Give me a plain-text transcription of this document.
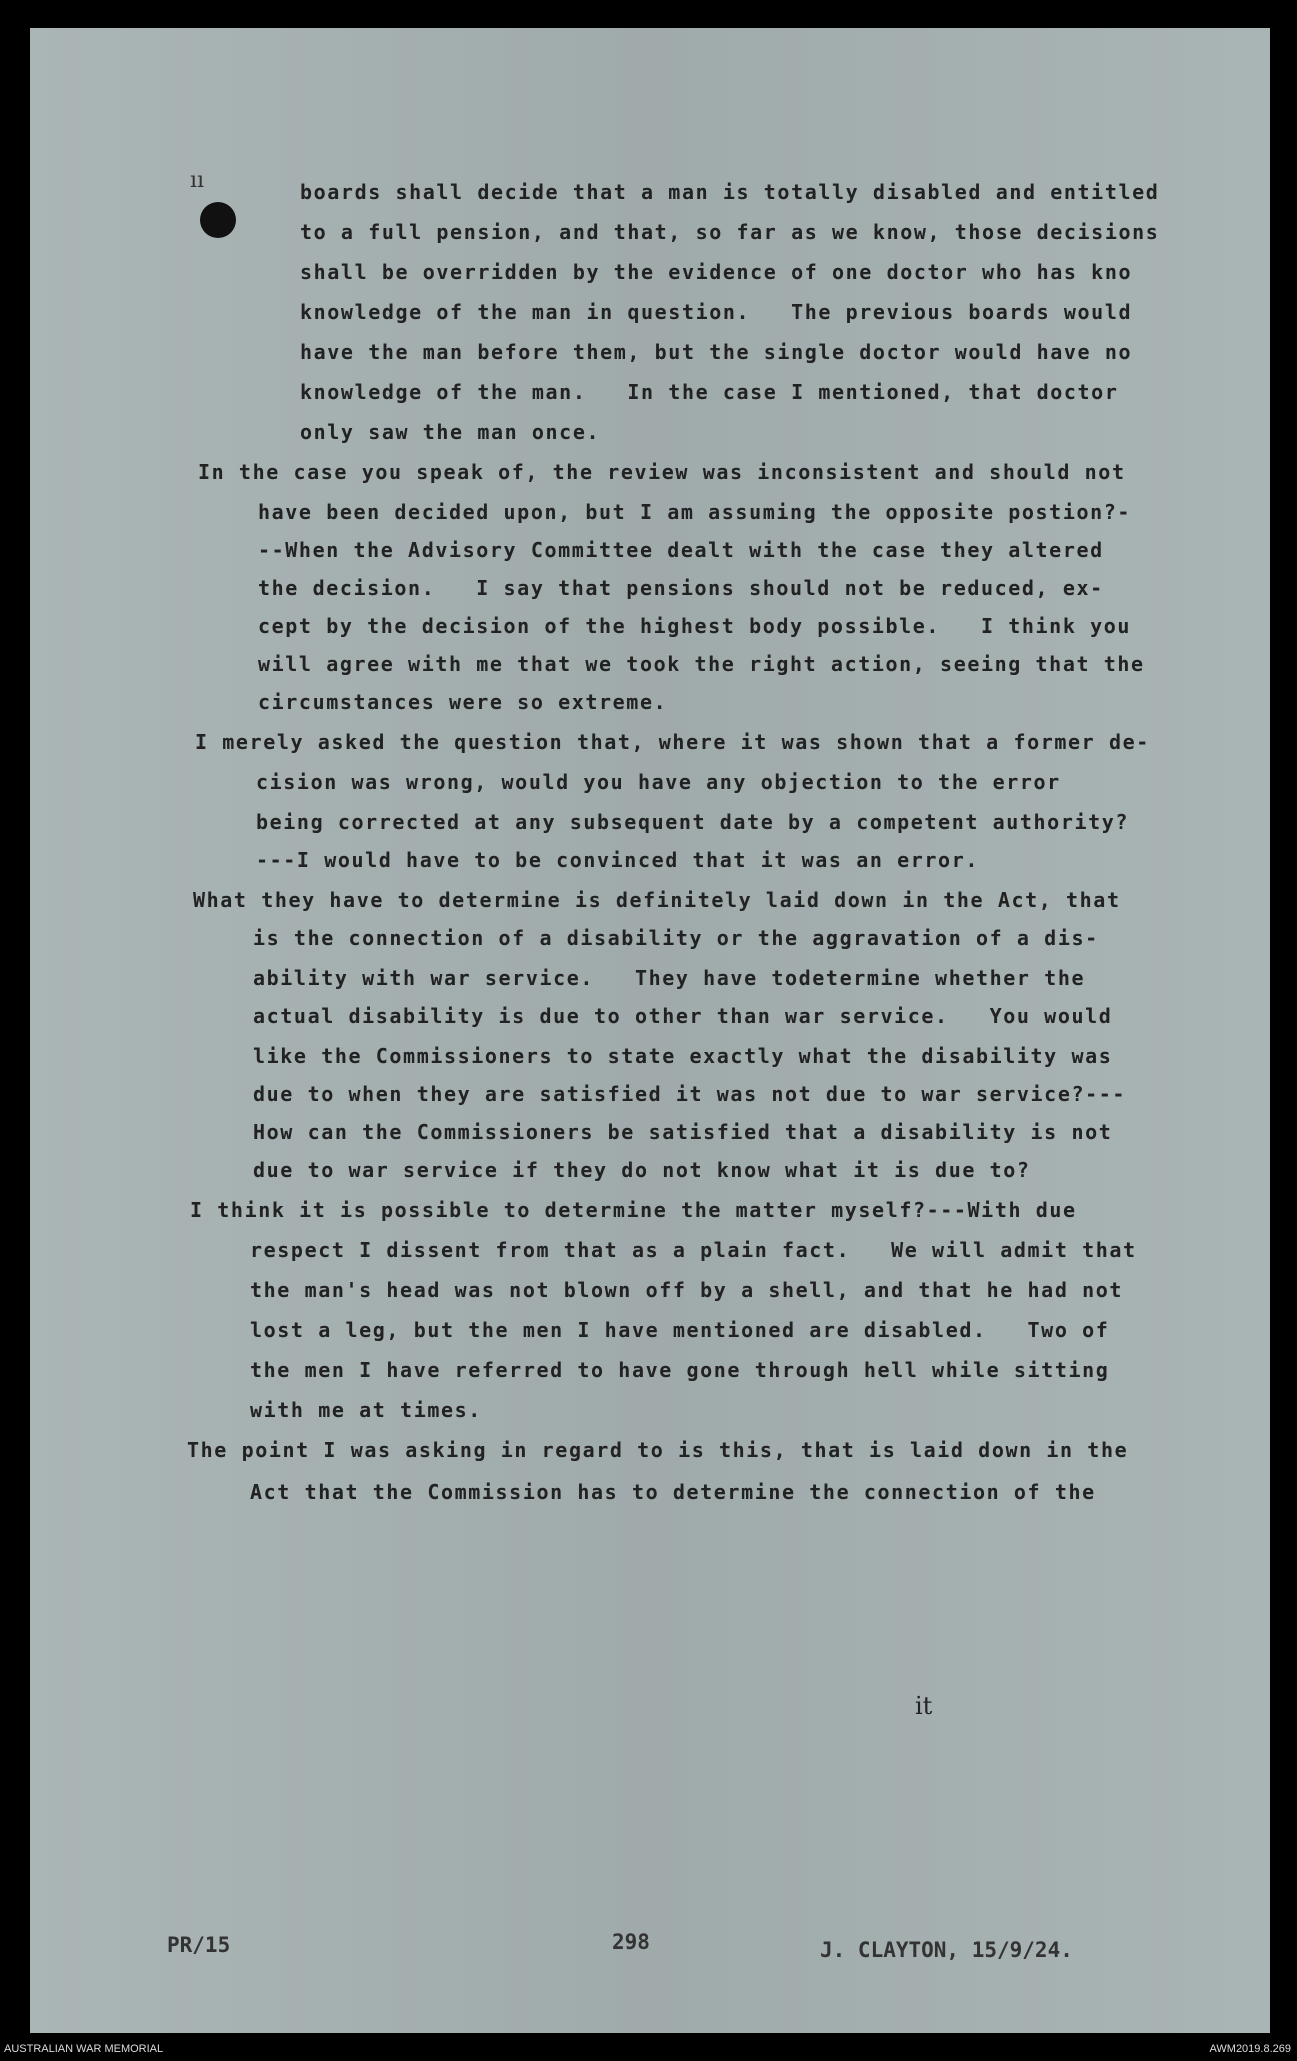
ıı	boards shall decide that a man is totally disabled and entitled
to a full pension, and that, so far as we know, those decisions
shall be overridden by the evidence of one doctor who has kno
knowledge of the man in question.   The previous boards would
have the man before them, but the single doctor would have no
knowledge of the man.   In the case I mentioned, that doctor
only saw the man once.
In the case you speak of, the review was inconsistent and should not
have been decided upon, but I am assuming the opposite postion?-
--When the Advisory Committee dealt with the case they altered
the decision.   I say that pensions should not be reduced, ex-
cept by the decision of the highest body possible.   I think you
will agree with me that we took the right action, seeing that the
circumstances were so extreme.
I merely asked the question that, where it was shown that a former de-
cision was wrong, would you have any objection to the error
being corrected at any subsequent date by a competent authority?
---I would have to be convinced that it was an error.
What they have to determine is definitely laid down in the Act, that
is the connection of a disability or the aggravation of a dis-
ability with war service.   They have todetermine whether the
actual disability is due to other than war service.   You would
like the Commissioners to state exactly what the disability was
due to when they are satisfied it was not due to war service?---
How can the Commissioners be satisfied that a disability is not
due to war service if they do not know what it is due to?
I think it is possible to determine the matter myself?---With due
respect I dissent from that as a plain fact.   We will admit that
the man's head was not blown off by a shell, and that he had not
lost a leg, but the men I have mentioned are disabled.   Two of
the men I have referred to have gone through hell while sitting
with me at times.
The point I was asking in regard to is this, that is laid down in the
Act that the Commission has to determine the connection of the
it
PR/15	298	J. CLAYTON, 15/9/24.
AUSTRALIAN WAR MEMORIAL	AWM2019.8.269
